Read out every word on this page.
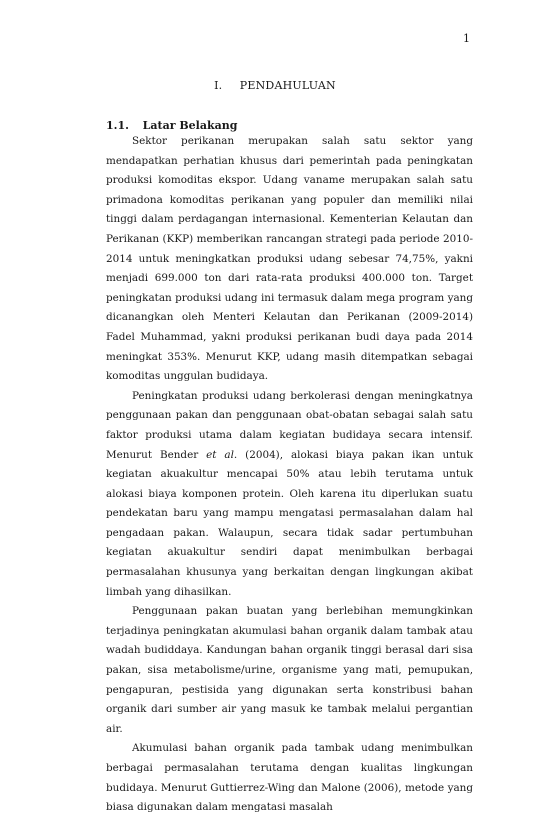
1
I. PENDAHULUAN
1.1. Latar Belakang

Sektor perikanan merupakan salah satu sektor yang mendapatkan perhatian khusus dari pemerintah pada peningkatan produksi komoditas ekspor. Udang vaname merupakan salah satu primadona komoditas perikanan yang populer dan memiliki nilai tinggi dalam perdagangan internasional. Kementerian Kelautan dan Perikanan (KKP) memberikan rancangan strategi pada periode 2010-2014 untuk meningkatkan produksi udang sebesar 74,75%, yakni menjadi 699.000 ton dari rata-rata produksi 400.000 ton. Target peningkatan produksi udang ini termasuk dalam mega program yang dicanangkan oleh Menteri Kelautan dan Perikanan (2009-2014) Fadel Muhammad, yakni produksi perikanan budi daya pada 2014 meningkat 353%. Menurut KKP, udang masih ditempatkan sebagai komoditas unggulan budidaya.

Peningkatan produksi udang berkolerasi dengan meningkatnya penggunaan pakan dan penggunaan obat-obatan sebagai salah satu faktor produksi utama dalam kegiatan budidaya secara intensif. Menurut Bender et al. (2004), alokasi biaya pakan ikan untuk kegiatan akuakultur mencapai 50% atau lebih terutama untuk alokasi biaya komponen protein. Oleh karena itu diperlukan suatu pendekatan baru yang mampu mengatasi permasalahan dalam hal pengadaan pakan. Walaupun, secara tidak sadar pertumbuhan kegiatan akuakultur sendiri dapat menimbulkan berbagai permasalahan khusunya yang berkaitan dengan lingkungan akibat limbah yang dihasilkan.

Penggunaan pakan buatan yang berlebihan memungkinkan terjadinya peningkatan akumulasi bahan organik dalam tambak atau wadah budiddaya. Kandungan bahan organik tinggi berasal dari sisa pakan, sisa metabolisme/urine, organisme yang mati, pemupukan, pengapuran, pestisida yang digunakan serta konstribusi bahan organik dari sumber air yang masuk ke tambak melalui pergantian air.

Akumulasi bahan organik pada tambak udang menimbulkan berbagai permasalahan terutama dengan kualitas lingkungan budidaya. Menurut Guttierrez-Wing dan Malone (2006), metode yang biasa digunakan dalam mengatasi masalah
